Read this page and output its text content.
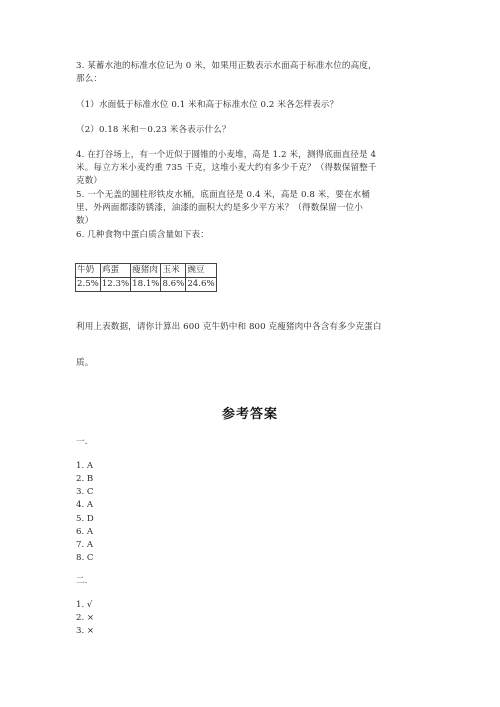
3. 某蓄水池的标准水位记为 0 米，如果用正数表示水面高于标准水位的高度，
那么：
（1）水面低于标准水位 0.1 米和高于标准水位 0.2 米各怎样表示？
（2）0.18 米和－0.23 米各表示什么？
4. 在打谷场上，有一个近似于圆锥的小麦堆，高是 1.2 米，测得底面直径是 4
米。每立方米小麦约重 735 千克，这堆小麦大约有多少千克？（得数保留整千
克数）
5. 一个无盖的圆柱形铁皮水桶，底面直径是 0.4 米，高是 0.8 米，要在水桶
里、外两面都漆防锈漆，油漆的面积大约是多少平方米？（得数保留一位小
数）
6. 几种食物中蛋白质含量如下表：
牛奶	鸡蛋	瘦猪肉	玉米	豌豆
2.5%	12.3%	18.1%	8.6%	24.6%
利用上表数据，请你计算出 600 克牛奶中和 800 克瘦猪肉中各含有多少克蛋白
质。
参考答案
一.
1. A
2. B
3. C
4. A
5. D
6. A
7. A
8. C
二.
1. √
2. ×
3. ×
